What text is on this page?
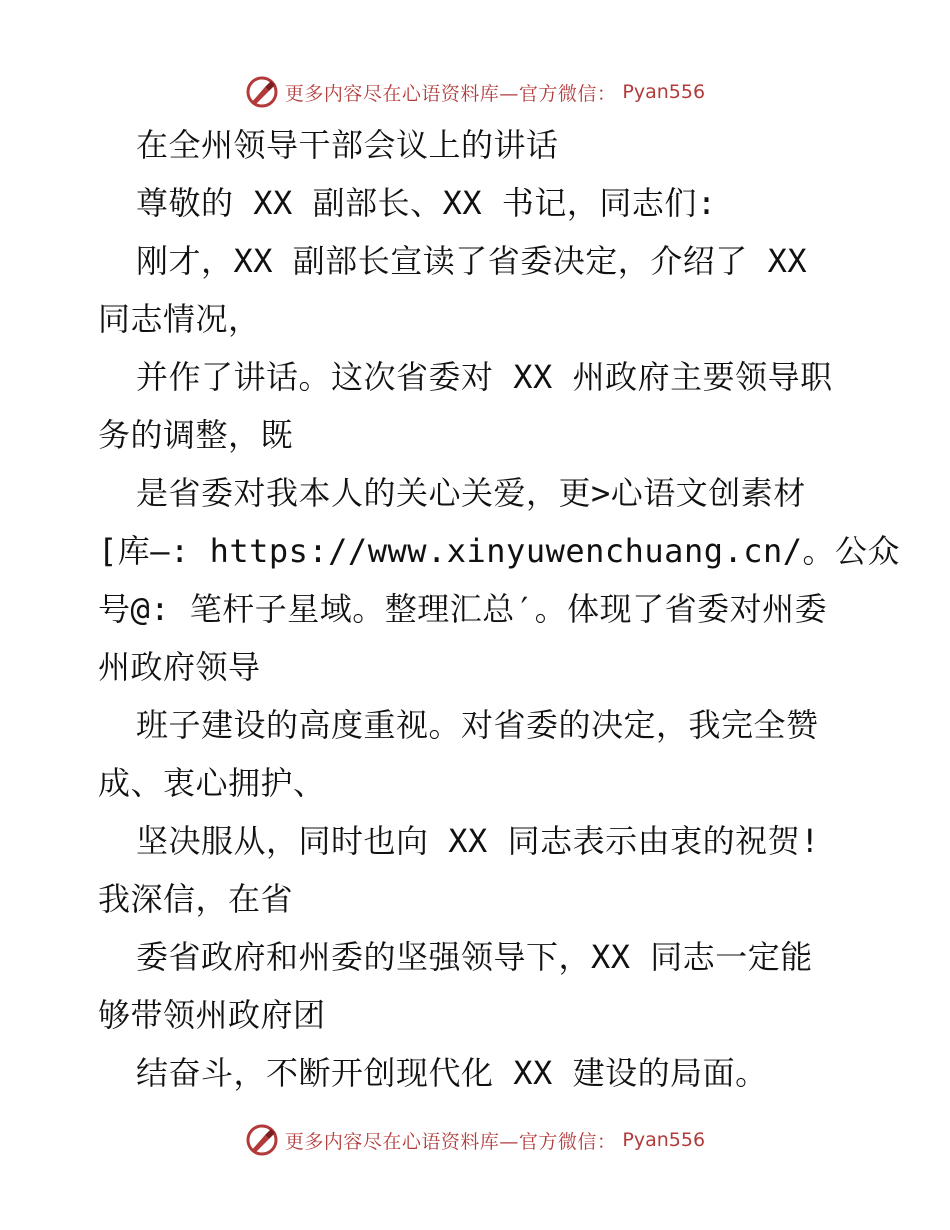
更多内容尽在心语资料库—官方微信： Pyan556
在全州领导干部会议上的讲话
尊敬的 XX 副部长、XX 书记，同志们:
刚才，XX 副部长宣读了省委决定，介绍了 XX
同志情况，
并作了讲话。这次省委对 XX 州政府主要领导职
务的调整，既
是省委对我本人的关心关爱，更>心语文创素材
[库—: https://www.xinyuwenchuang.cn/。公众
号@: 笔杆子星域。整理汇总′。体现了省委对州委
州政府领导
班子建设的高度重视。对省委的决定，我完全赞
成、衷心拥护、
坚决服从，同时也向 XX 同志表示由衷的祝贺!
我深信，在省
委省政府和州委的坚强领导下，XX 同志一定能
够带领州政府团
结奋斗，不断开创现代化 XX 建设的局面。
更多内容尽在心语资料库—官方微信： Pyan556
